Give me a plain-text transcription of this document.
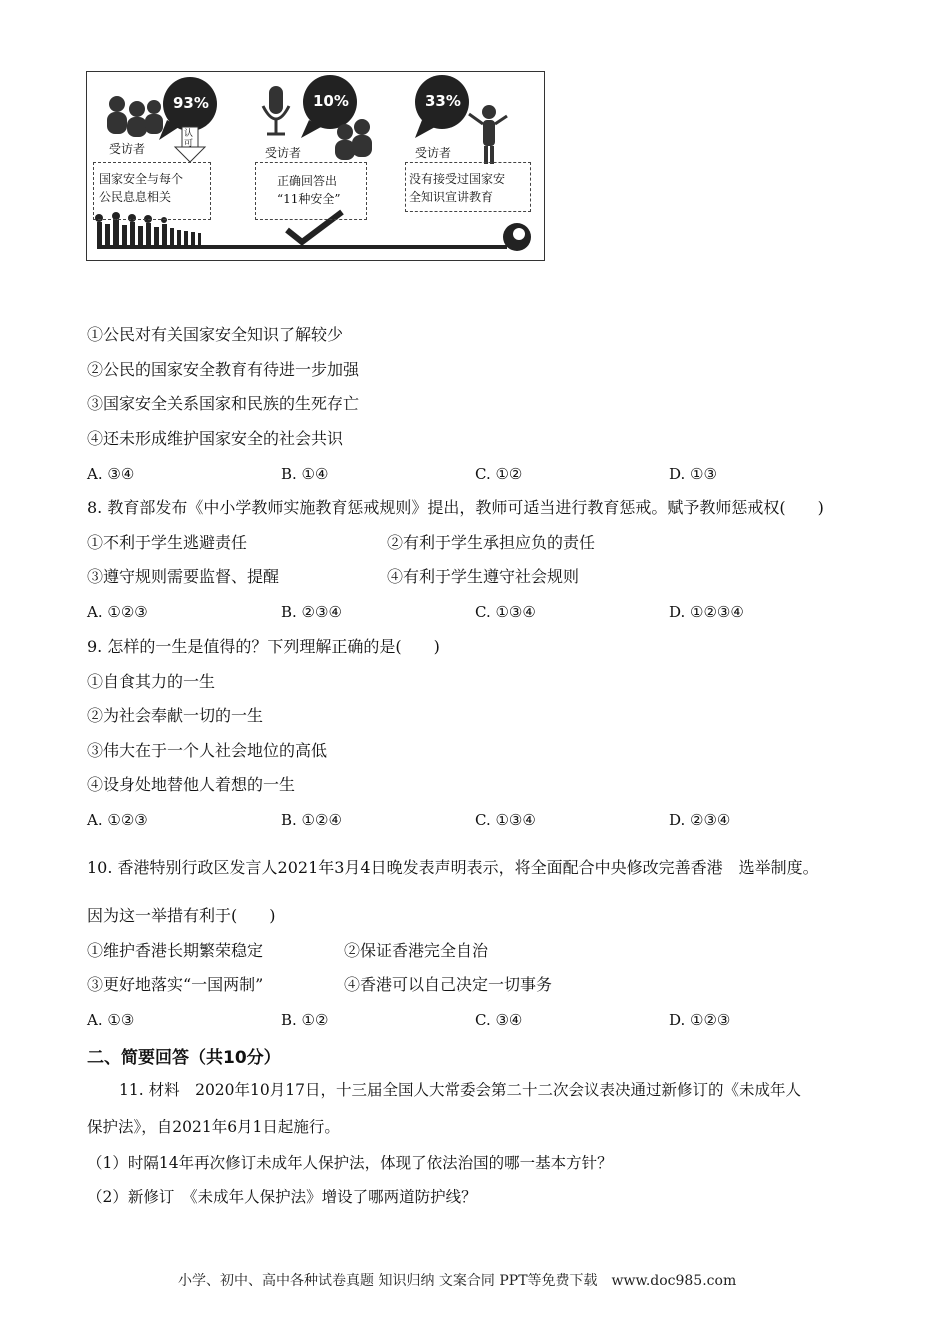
93%	10%	33%
受访者
认可
受访者	受访者
国家安全与每个
公民息息相关
正确回答出
“11种安全”
没有接受过国家安
全知识宣讲教育
①公民对有关国家安全知识了解较少
②公民的国家安全教育有待进一步加强
③国家安全关系国家和民族的生死存亡
④还未形成维护国家安全的社会共识
A. ③④	B. ①④	C. ①②	D. ①③
8. 教育部发布《中小学教师实施教育惩戒规则》提出，教师可适当进行教育惩戒。赋予教师惩戒权(　　)
①不利于学生逃避责任	②有利于学生承担应负的责任
③遵守规则需要监督、提醒	④有利于学生遵守社会规则
A. ①②③	B. ②③④	C. ①③④	D. ①②③④
9. 怎样的一生是值得的？下列理解正确的是(　　)
①自食其力的一生
②为社会奉献一切的一生
③伟大在于一个人社会地位的高低
④设身处地替他人着想的一生
A. ①②③	B. ①②④	C. ①③④	D. ②③④
10. 香港特别行政区发言人2021年3月4日晚发表声明表示，将全面配合中央修改完善香港　选举制度。
因为这一举措有利于(　　)
①维护香港长期繁荣稳定	②保证香港完全自治
③更好地落实“一国两制”	④香港可以自己决定一切事务
A. ①③	B. ①②	C. ③④	D. ①②③
二、简要回答（共10分）
11. 材料　2020年10月17日，十三届全国人大常委会第二十二次会议表决通过新修订的《未成年人
保护法》，自2021年6月1日起施行。
（1）时隔14年再次修订未成年人保护法，体现了依法治国的哪一基本方针？
（2）新修订　《未成年人保护法》增设了哪两道防护线？
小学、初中、高中各种试卷真题 知识归纳 文案合同 PPT等免费下载　www.doc985.com
